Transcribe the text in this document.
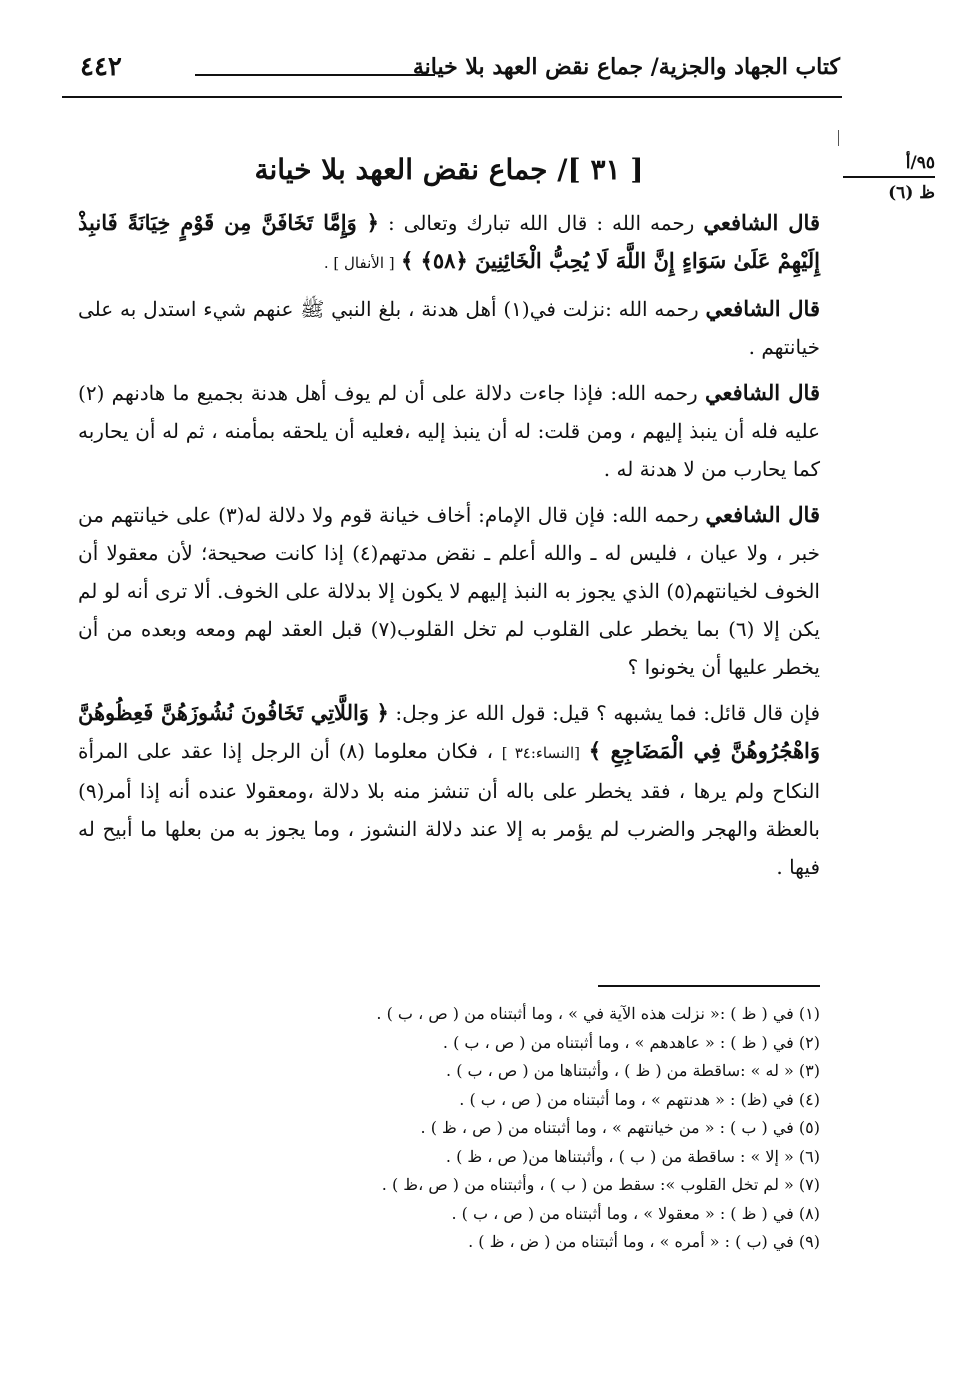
٤٤٢	كتاب الجهاد والجزية/ جماع نقض العهد بلا خيانة
٩٥/أ
ظ (٦)
[ ٣١ ]/ جماع نقض العهد بلا خيانة

قال الشافعي رحمه الله : قال الله تبارك وتعالى : ﴿ وَإِمَّا تَخَافَنَّ مِن قَوْمٍ خِيَانَةً فَانبِذْ إِلَيْهِمْ عَلَىٰ سَوَاءٍ إِنَّ اللَّهَ لَا يُحِبُّ الْخَائِنِينَ ﴿٥٨﴾ ﴾ [ الأنفال ] .

قال الشافعي رحمه الله :نزلت في(١) أهل هدنة ، بلغ النبي ﷺ عنهم شيء استدل به على خيانتهم .

قال الشافعي رحمه الله: فإذا جاءت دلالة على أن لم يوف أهل هدنة بجميع ما هادنهم (٢) عليه فله أن ينبذ إليهم ، ومن قلت: له أن ينبذ إليه ،فعليه أن يلحقه بمأمنه ، ثم له أن يحاربه كما يحارب من لا هدنة له .

قال الشافعي رحمه الله: فإن قال الإمام: أخاف خيانة قوم ولا دلالة له(٣) على خيانتهم من خبر ، ولا عيان ، فليس له ـ والله أعلم ـ نقض مدتهم(٤) إذا كانت صحيحة؛ لأن معقولا أن الخوف لخيانتهم(٥) الذي يجوز به النبذ إليهم لا يكون إلا بدلالة على الخوف. ألا ترى أنه لو لم يكن إلا (٦) بما يخطر على القلوب لم تخل القلوب(٧) قبل العقد لهم ومعه وبعده من أن يخطر عليها أن يخونوا ؟

فإن قال قائل: فما يشبهه ؟ قيل: قول الله عز وجل: ﴿ وَاللَّاتِي تَخَافُونَ نُشُوزَهُنَّ فَعِظُوهُنَّ وَاهْجُرُوهُنَّ فِي الْمَضَاجِعِ ﴾ [النساء:٣٤ ] ، فكان معلوما (٨) أن الرجل إذا عقد على المرأة النكاح ولم يرها ، فقد يخطر على باله أن تنشز منه بلا دلالة ،ومعقولا عنده أنه إذا أمر(٩) بالعظة والهجر والضرب لم يؤمر به إلا عند دلالة النشوز ، وما يجوز به من بعلها ما أبيح له فيها .

(١) في ( ظ ) :« نزلت هذه الآية في » ، وما أثبتناه من ( ص ، ب ) .
(٢) في ( ظ ) : « عاهدهم » ، وما أثبتناه من ( ص ، ب ) .
(٣) « له » :ساقطة من ( ظ ) ، وأثبتناها من ( ص ، ب ) .
(٤) في (ظ) : « هدنتهم » ، وما أثبتناه من ( ص ، ب ) .
(٥) في ( ب ) : « من خيانتهم » ، وما أثبتناه من ( ص ، ظ ) .
(٦) « إلا » : ساقطة من ( ب ) ، وأثبتناها من( ص ، ظ ) .
(٧) « لم تخل القلوب »: سقط من ( ب ) ، وأثبتناه من ( ص ،ظ ) .
(٨) في ( ظ ) : « معقولا » ، وما أثبتناه من ( ص ، ب ) .
(٩) في (ب ) : « أمره » ، وما أثبتناه من ( ض ، ظ ) .
